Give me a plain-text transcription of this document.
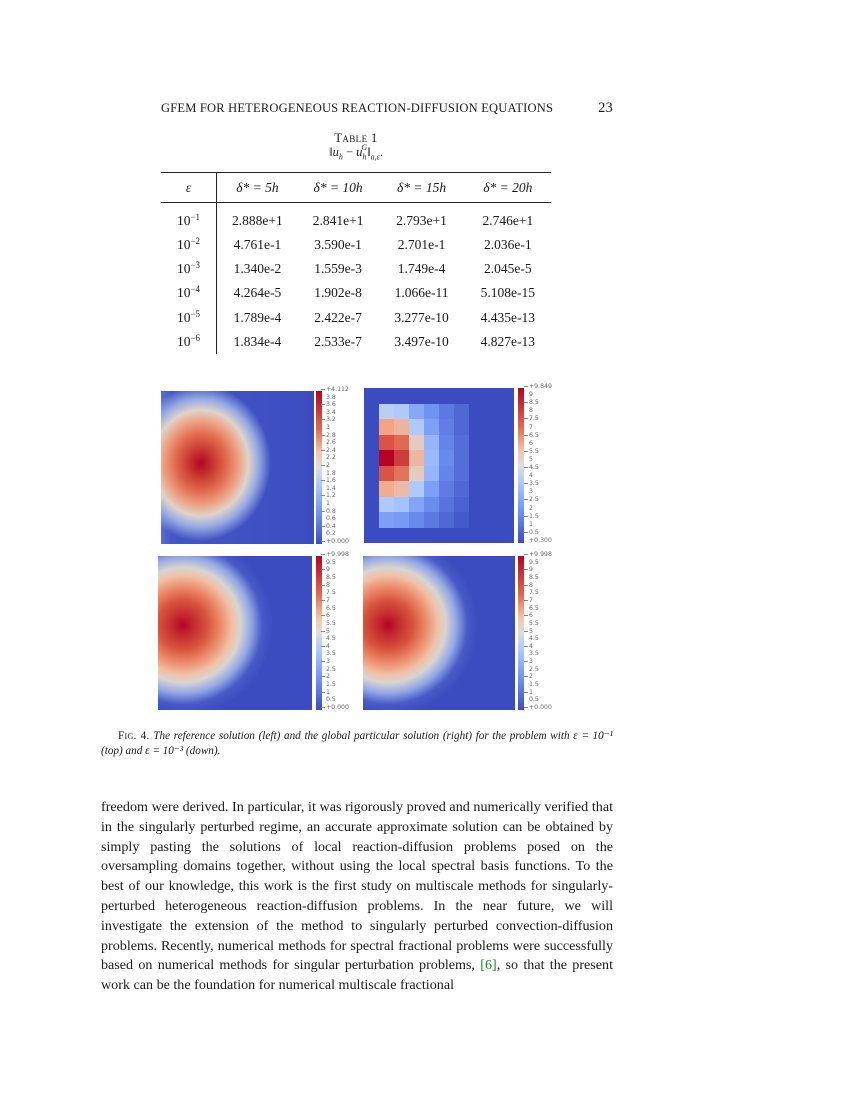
GFEM FOR HETEROGENEOUS REACTION-DIFFUSION EQUATIONS	23
Table 1
$‖u_h$ − $u_h^G‖_{a,\varepsilon}$.
ε	δ* = 5h	δ* = 10h	δ* = 15h	δ* = 20h
$10^{-1}$	2.888e+1	2.841e+1	2.793e+1	2.746e+1
$10^{-2}$	4.761e-1	3.590e-1	2.701e-1	2.036e-1
$10^{-3}$	1.340e-2	1.559e-3	1.749e-4	2.045e-5
$10^{-4}$	4.264e-5	1.902e-8	1.066e-11	5.108e-15
$10^{-5}$	1.789e-4	2.422e-7	3.277e-10	4.435e-13
$10^{-6}$	1.834e-4	2.533e-7	3.497e-10	4.827e-13
+4.112
3.8
3.6
3.4
3.2
3
2.8
2.6
2.4
2.2
2
1.8
1.6
1.4
1.2
1
0.8
0.6
0.4
0.2
+0.000
+9.849
9
8.5
8
7.5
7
6.5
6
5.5
5
4.5
4
3.5
3
2.5
2
1.5
1
0.5
+0.300
+9.998
9.5
9
8.5
8
7.5
7
6.5
6
5.5
5
4.5
4
3.5
3
2.5
2
1.5
1
0.5
+0.000
+9.998
9.5
9
8.5
8
7.5
7
6.5
6
5.5
5
4.5
4
3.5
3
2.5
2
1.5
1
0.5
+0.000
Fig. 4. The reference solution (left) and the global particular solution (right) for the problem with ε = 10⁻¹ (top) and ε = 10⁻³ (down).
freedom were derived. In particular, it was rigorously proved and numerically verified that in the singularly perturbed regime, an accurate approximate solution can be obtained by simply pasting the solutions of local reaction-diffusion problems posed on the oversampling domains together, without using the local spectral basis functions. To the best of our knowledge, this work is the first study on multiscale methods for singularly-perturbed heterogeneous reaction-diffusion problems. In the near future, we will investigate the extension of the method to singularly perturbed convection-diffusion problems. Recently, numerical methods for spectral fractional problems were successfully based on numerical methods for singular perturbation problems, [6], so that the present work can be the foundation for numerical multiscale fractional
